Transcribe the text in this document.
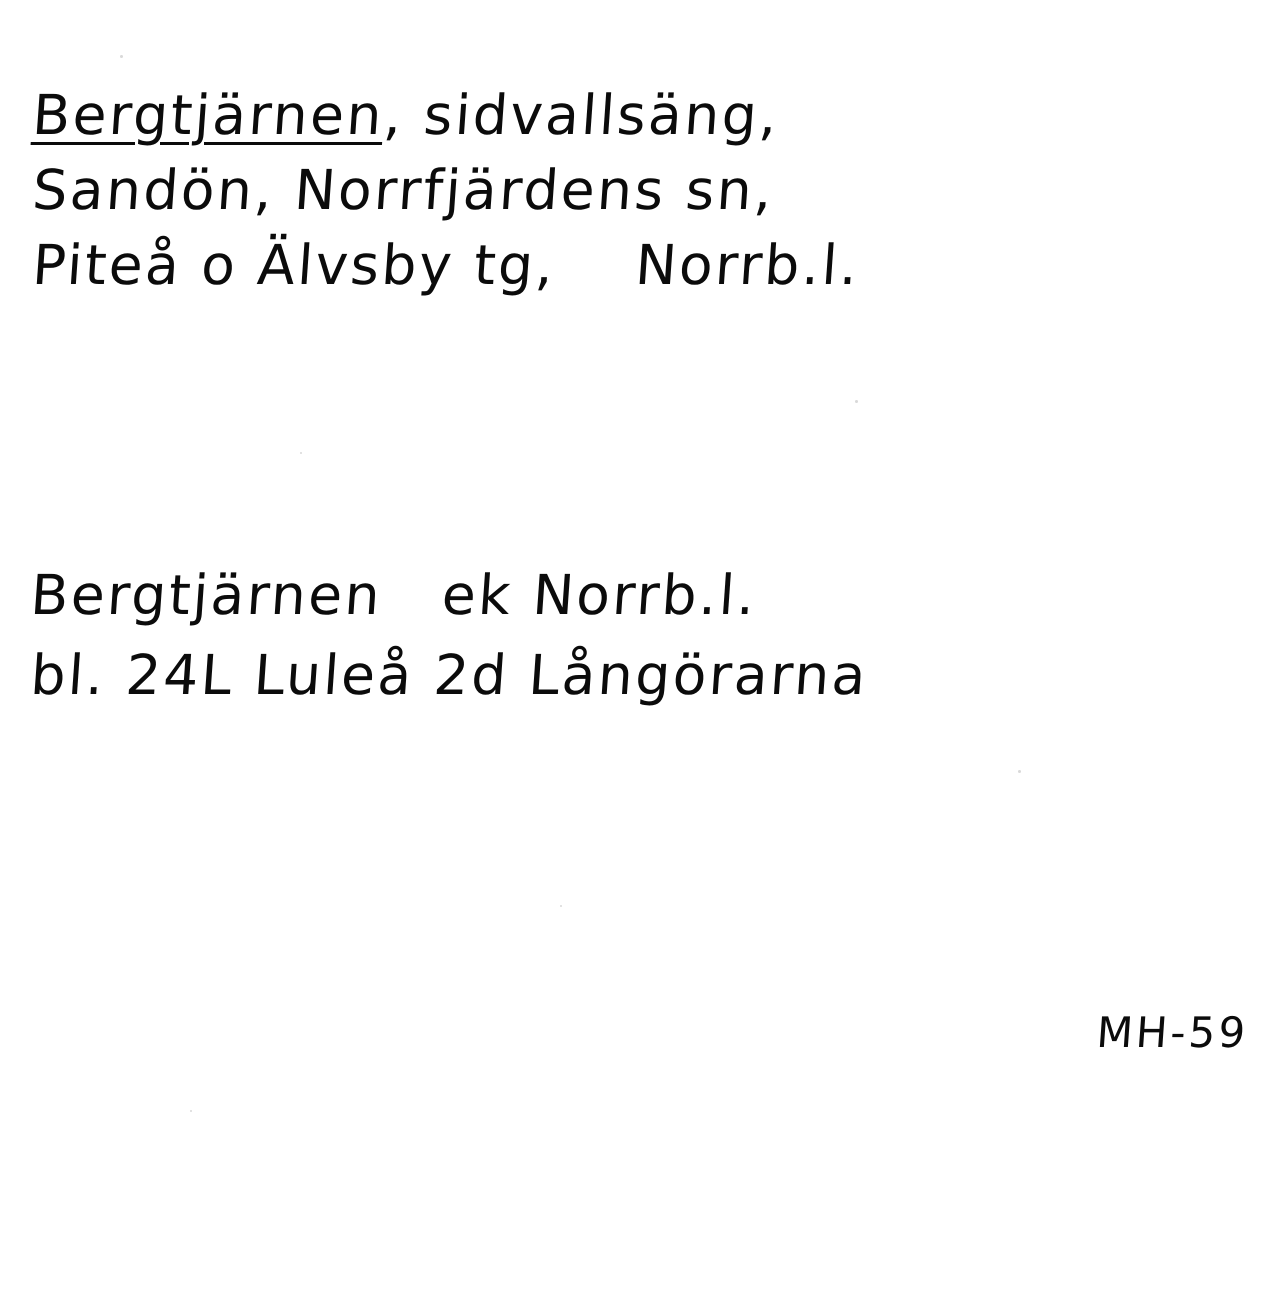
Bergtjärnen, sidvallsäng,
Sandön, Norrfjärdens sn,
Piteå o Älvsby tg,    Norrb.l.
Bergtjärnen   ek Norrb.l.
bl. 24L Luleå 2d Långörarna
MH-59
